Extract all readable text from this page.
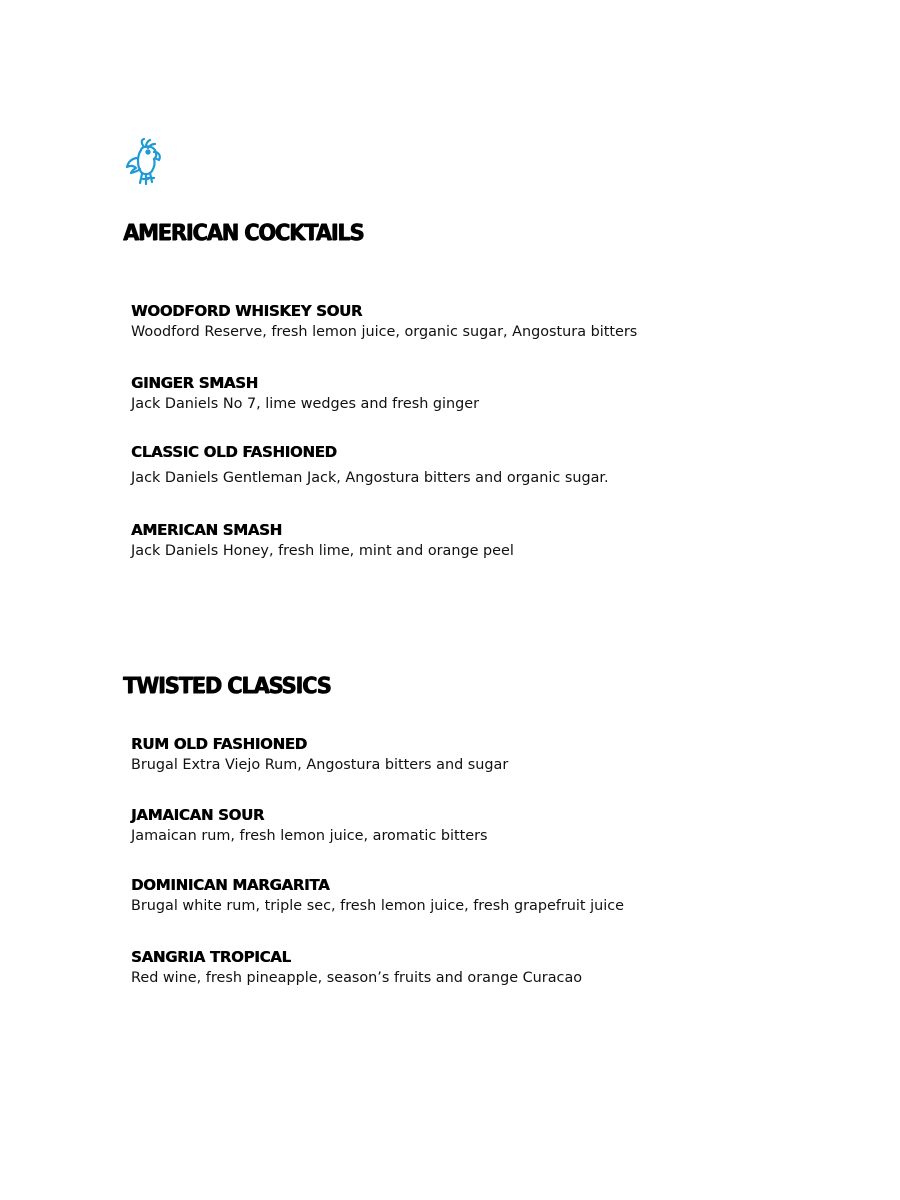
AMERICAN COCKTAILS
WOODFORD WHISKEY SOUR

Woodford Reserve, fresh lemon juice, organic sugar, Angostura bitters

GINGER SMASH

Jack Daniels No 7, lime wedges and fresh ginger

CLASSIC OLD FASHIONED

Jack Daniels Gentleman Jack, Angostura bitters and organic sugar.

AMERICAN SMASH

Jack Daniels Honey, fresh lime, mint and orange peel

TWISTED CLASSICS
RUM OLD FASHIONED

Brugal Extra Viejo Rum, Angostura bitters and sugar

JAMAICAN SOUR

Jamaican rum, fresh lemon juice, aromatic bitters

DOMINICAN MARGARITA

Brugal white rum, triple sec, fresh lemon juice, fresh grapefruit juice

SANGRIA TROPICAL

Red wine, fresh pineapple, season’s fruits and orange Curacao
